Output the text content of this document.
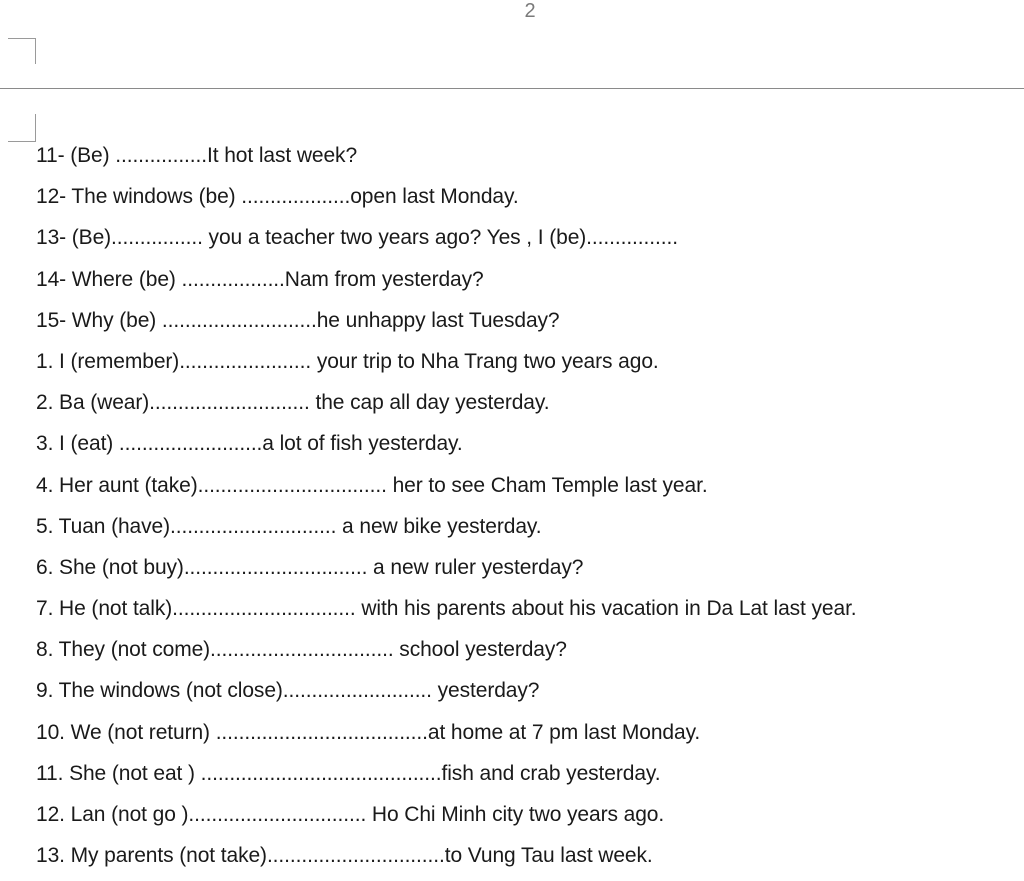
2
11- (Be) ................It hot last week?
12- The windows (be) ...................open last Monday.
13- (Be)................ you a teacher two years ago? Yes , I (be)................
14- Where (be) ..................Nam from yesterday?
15- Why (be) ...........................he unhappy last Tuesday?
1. I (remember)....................... your trip to Nha Trang two years ago.
2. Ba (wear)............................ the cap all day yesterday.
3. I (eat) .........................a lot of fish yesterday.
4. Her aunt (take)................................. her to see Cham Temple last year.
5. Tuan (have)............................. a new bike yesterday.
6. She (not buy)................................ a new ruler yesterday?
7. He (not talk)................................ with his parents about his vacation in Da Lat last year.
8. They (not come)................................ school yesterday?
9. The windows (not close).......................... yesterday?
10. We (not return) .....................................at home at 7 pm last Monday.
11. She (not eat ) ..........................................fish and crab yesterday.
12. Lan (not go )............................... Ho Chi Minh city two years ago.
13. My parents (not take)...............................to Vung Tau last week.
